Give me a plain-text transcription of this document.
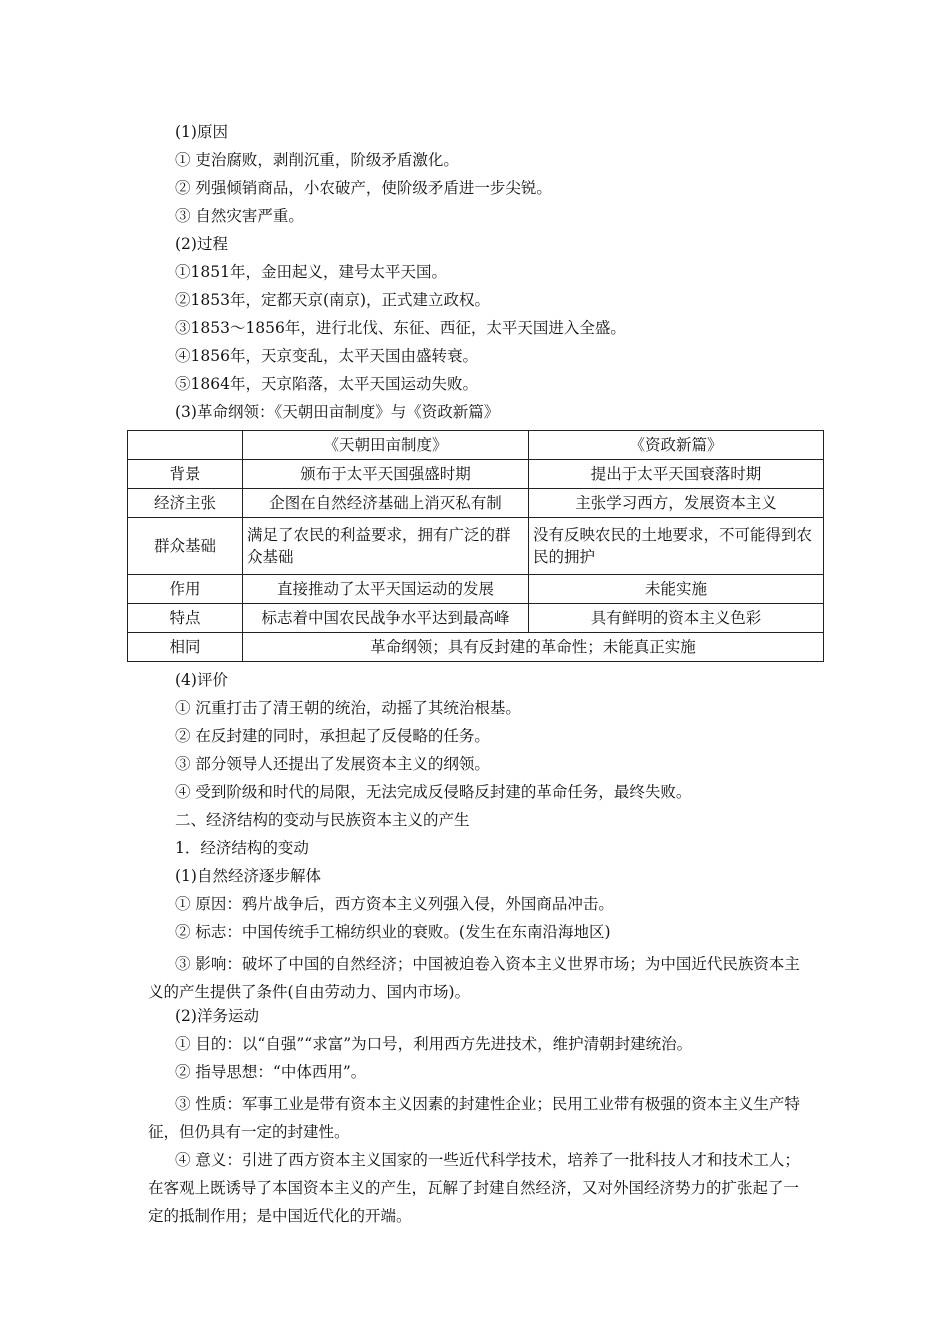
(1)原因
① 吏治腐败，剥削沉重，阶级矛盾激化。
② 列强倾销商品，小农破产，使阶级矛盾进一步尖锐。
③ 自然灾害严重。
(2)过程
①1851年，金田起义，建号太平天国。
②1853年，定都天京(南京)，正式建立政权。
③1853～1856年，进行北伐、东征、西征，太平天国进入全盛。
④1856年，天京变乱，太平天国由盛转衰。
⑤1864年，天京陷落，太平天国运动失败。
(3)革命纲领：《天朝田亩制度》与《资政新篇》
	《天朝田亩制度》	《资政新篇》
背景	颁布于太平天国强盛时期	提出于太平天国衰落时期
经济主张	企图在自然经济基础上消灭私有制	主张学习西方，发展资本主义
群众基础	满足了农民的利益要求，拥有广泛的群众基础	没有反映农民的土地要求，不可能得到农民的拥护
作用	直接推动了太平天国运动的发展	未能实施
特点	标志着中国农民战争水平达到最高峰	具有鲜明的资本主义色彩
相同	革命纲领；具有反封建的革命性；未能真正实施	
(4)评价
① 沉重打击了清王朝的统治，动摇了其统治根基。
② 在反封建的同时，承担起了反侵略的任务。
③ 部分领导人还提出了发展资本主义的纲领。
④ 受到阶级和时代的局限，无法完成反侵略反封建的革命任务，最终失败。
二、经济结构的变动与民族资本主义的产生
1．经济结构的变动
(1)自然经济逐步解体
① 原因：鸦片战争后，西方资本主义列强入侵，外国商品冲击。
② 标志：中国传统手工棉纺织业的衰败。(发生在东南沿海地区)
③ 影响：破坏了中国的自然经济；中国被迫卷入资本主义世界市场；为中国近代民族资本主义的产生提供了条件(自由劳动力、国内市场)。
(2)洋务运动
① 目的：以“自强”“求富”为口号，利用西方先进技术，维护清朝封建统治。
② 指导思想：“中体西用”。
③ 性质：军事工业是带有资本主义因素的封建性企业；民用工业带有极强的资本主义生产特征，但仍具有一定的封建性。
④ 意义：引进了西方资本主义国家的一些近代科学技术，培养了一批科技人才和技术工人；在客观上既诱导了本国资本主义的产生，瓦解了封建自然经济，又对外国经济势力的扩张起了一定的抵制作用；是中国近代化的开端。
